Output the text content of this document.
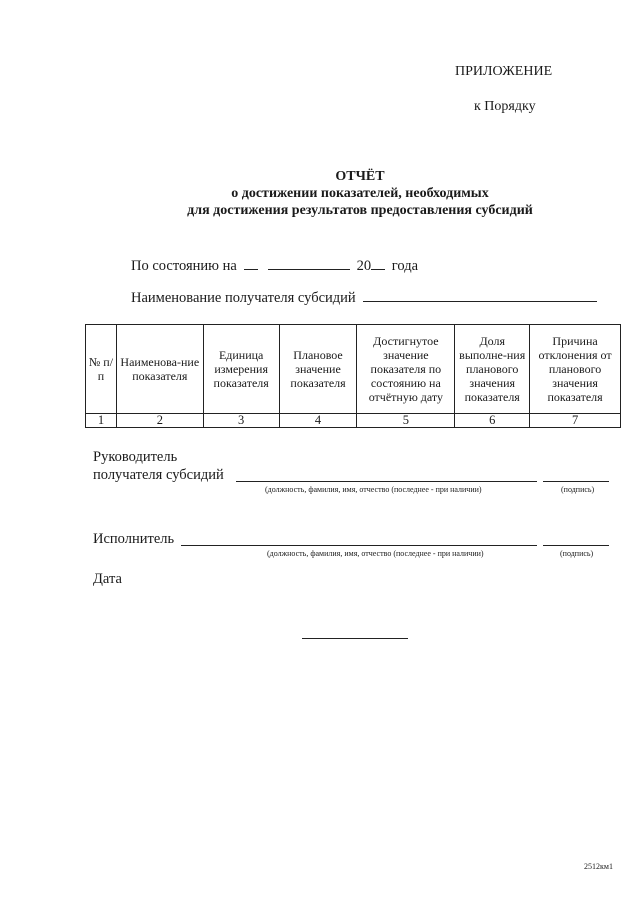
ПРИЛОЖЕНИЕ
к Порядку
ОТЧЁТ
о достижении показателей, необходимых
для достижения результатов предоставления субсидий
По состоянию на	20 года
Наименование получателя субсидий
№ п/п	Наименова-ние показателя	Единица измерения показателя	Плановое значение показателя	Достигнутое значение показателя по состоянию на отчётную дату	Доля выполне-ния планового значения показателя	Причина отклонения от планового значения показателя
1	2	3	4	5	6	7
Руководитель
получателя субсидий
(должность, фамилия, имя, отчество (последнее - при наличии)	(подпись)
Исполнитель
(должность, фамилия, имя, отчество (последнее - при наличии)	(подпись)
Дата
2512км1
